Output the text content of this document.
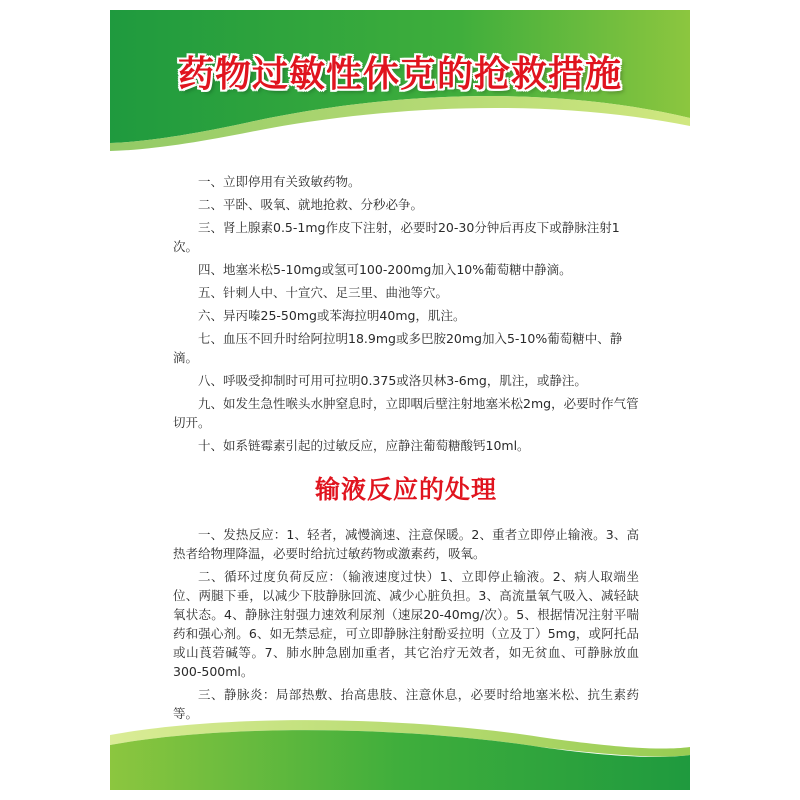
药物过敏性休克的抢救措施

一、立即停用有关致敏药物。

二、平卧、吸氧、就地抢救、分秒必争。

三、肾上腺素0.5-1mg作皮下注射，必要时20-30分钟后再皮下或静脉注射1次。

四、地塞米松5-10mg或氢可100-200mg加入10%葡萄糖中静滴。

五、针刺人中、十宣穴、足三里、曲池等穴。

六、异丙嗪25-50mg或苯海拉明40mg，肌注。

七、血压不回升时给阿拉明18.9mg或多巴胺20mg加入5-10%葡萄糖中、静滴。

八、呼吸受抑制时可用可拉明0.375或洛贝林3-6mg，肌注，或静注。

九、如发生急性喉头水肿窒息时，立即咽后壁注射地塞米松2mg，必要时作气管切开。

十、如系链霉素引起的过敏反应，应静注葡萄糖酸钙10ml。

输液反应的处理

一、发热反应：1、轻者，减慢滴速、注意保暖。2、重者立即停止输液。3、高热者给物理降温，必要时给抗过敏药物或激素药，吸氧。

二、循环过度负荷反应：（输液速度过快）1、立即停止输液。2、病人取端坐位、两腿下垂，以减少下肢静脉回流、减少心脏负担。3、高流量氧气吸入、减轻缺氧状态。4、静脉注射强力速效利尿剂（速尿20-40mg/次）。5、根据情况注射平喘药和强心剂。6、如无禁忌症，可立即静脉注射酚妥拉明（立及丁）5mg，或阿托品或山莨菪碱等。7、肺水肿急剧加重者，其它治疗无效者，如无贫血、可静脉放血300-500ml。

三、静脉炎：局部热敷、抬高患肢、注意休息，必要时给地塞米松、抗生素药等。
